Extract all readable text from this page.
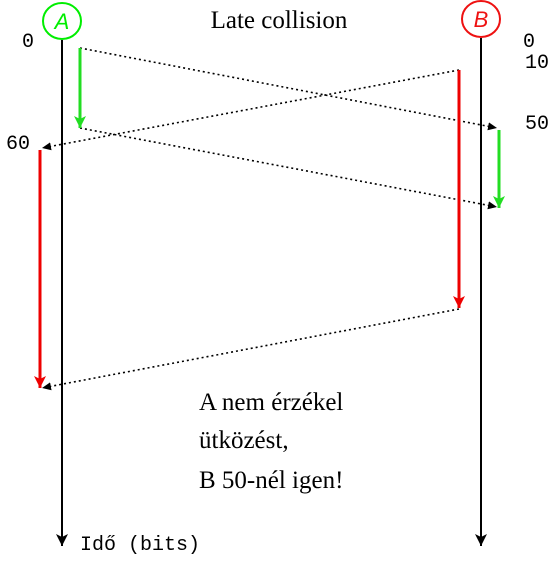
A	B
Late collision
0
60
0
10
50
A nem érzékel
ütközést,
B 50-nél igen!
Idő (bits)
